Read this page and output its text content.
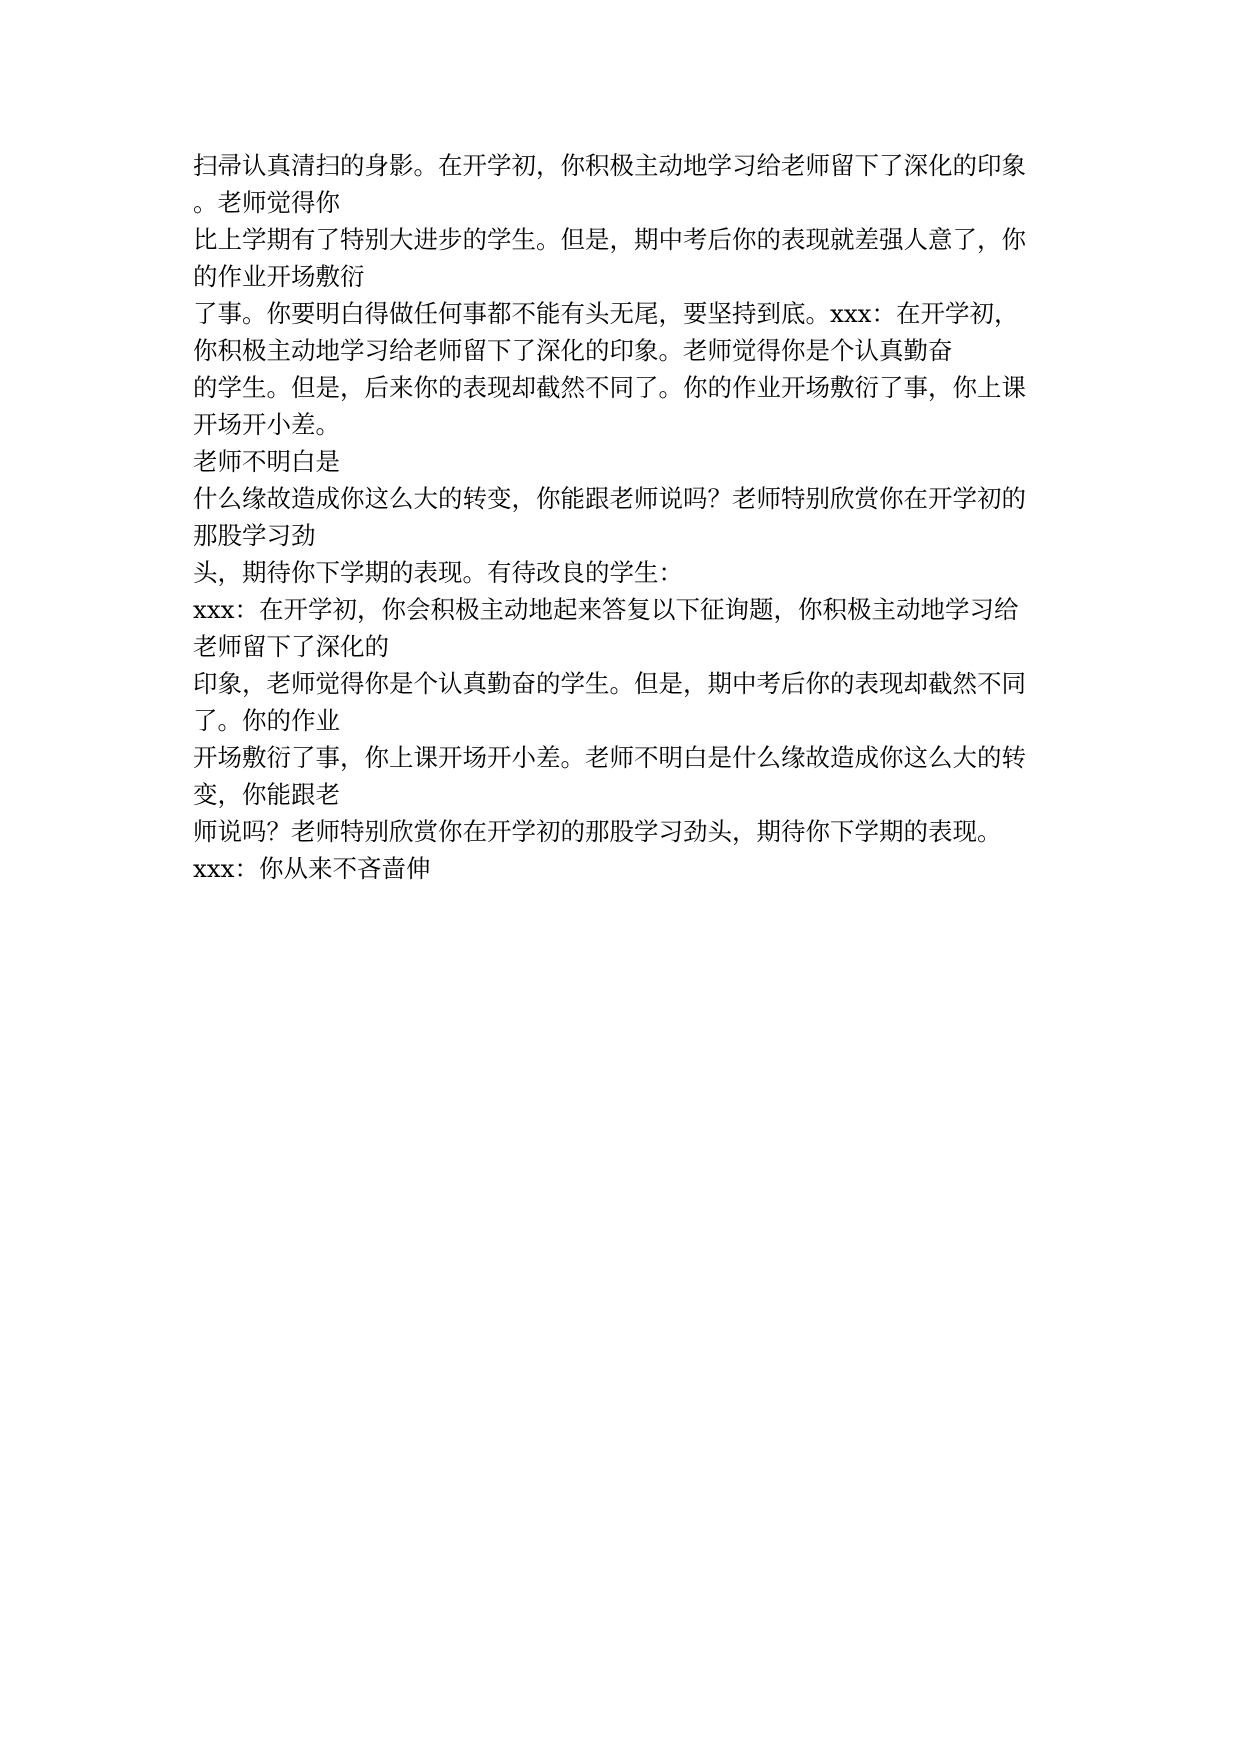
扫帚认真清扫的身影。在开学初，你积极主动地学习给老师留下了深化的印象
。老师觉得你
比上学期有了特别大进步的学生。但是，期中考后你的表现就差强人意了，你
的作业开场敷衍
了事。你要明白得做任何事都不能有头无尾，要坚持到底。xxx：在开学初，
你积极主动地学习给老师留下了深化的印象。老师觉得你是个认真勤奋
的学生。但是，后来你的表现却截然不同了。你的作业开场敷衍了事，你上课
开场开小差。
老师不明白是
什么缘故造成你这么大的转变，你能跟老师说吗？老师特别欣赏你在开学初的
那股学习劲
头，期待你下学期的表现。有待改良的学生：
xxx：在开学初，你会积极主动地起来答复以下征询题，你积极主动地学习给
老师留下了深化的
印象，老师觉得你是个认真勤奋的学生。但是，期中考后你的表现却截然不同
了。你的作业
开场敷衍了事，你上课开场开小差。老师不明白是什么缘故造成你这么大的转
变，你能跟老
师说吗？老师特别欣赏你在开学初的那股学习劲头，期待你下学期的表现。
xxx：你从来不吝啬伸
